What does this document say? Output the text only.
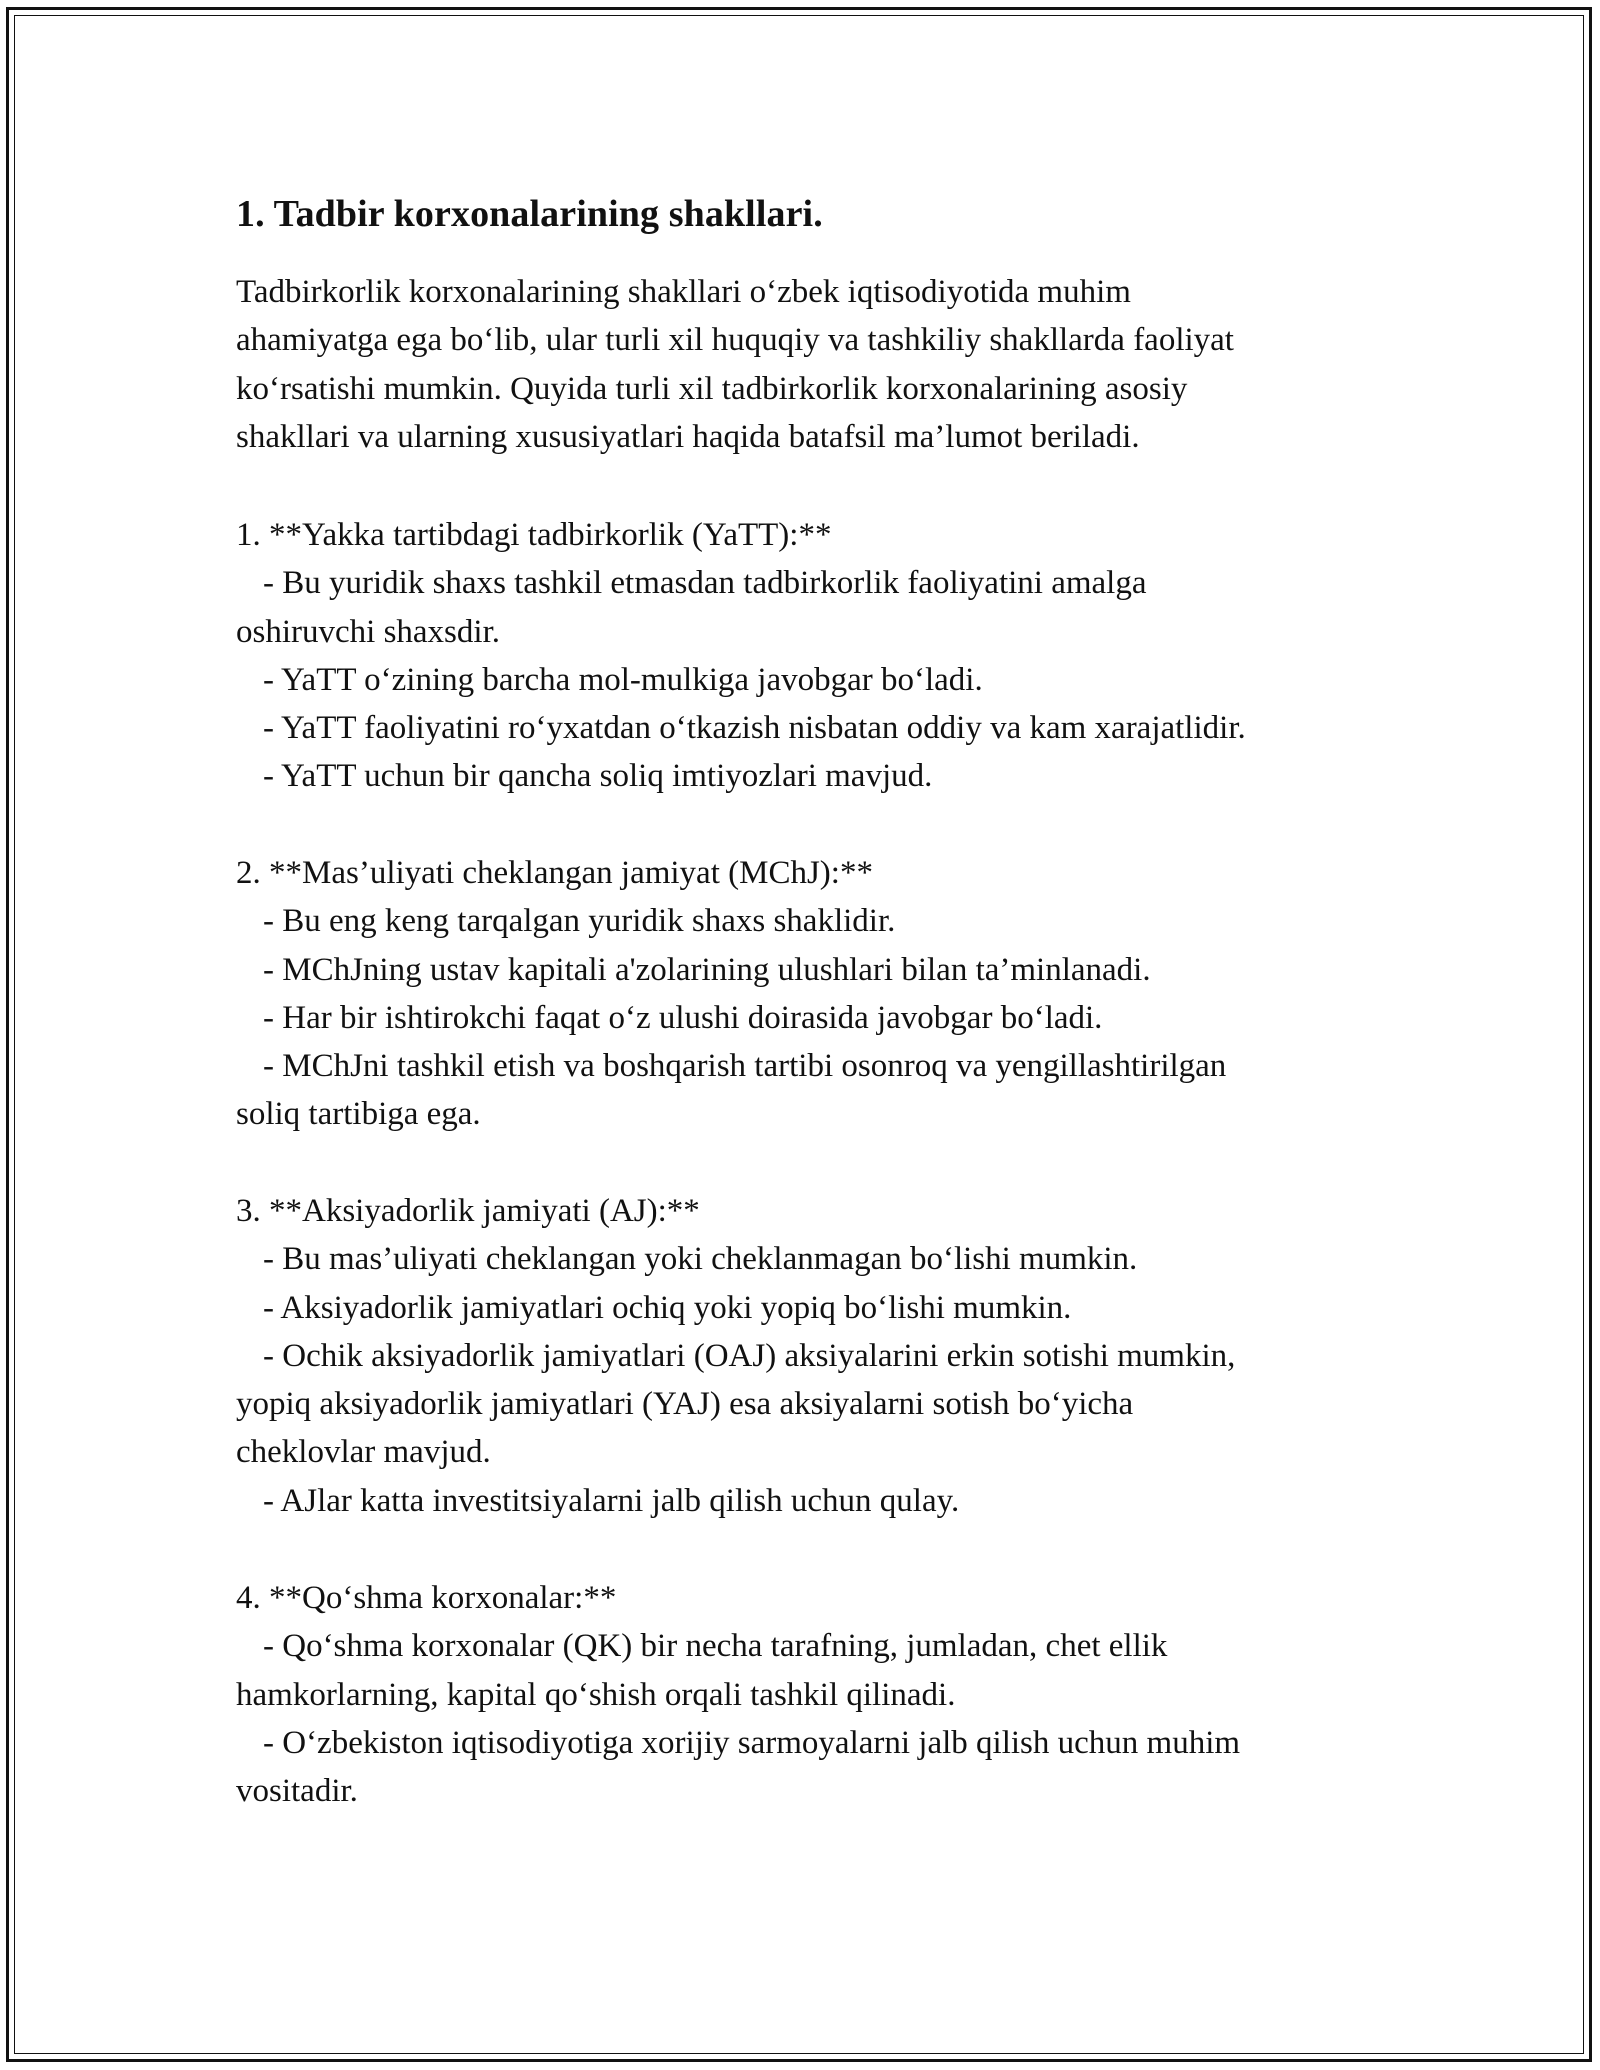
1. Tadbir korxonalarining shakllari.

Tadbirkorlik korxonalarining shakllari o‘zbek iqtisodiyotida muhim
ahamiyatga ega bo‘lib, ular turli xil huquqiy va tashkiliy shakllarda faoliyat
ko‘rsatishi mumkin. Quyida turli xil tadbirkorlik korxonalarining asosiy
shakllari va ularning xususiyatlari haqida batafsil ma’lumot beriladi.

1. **Yakka tartibdagi tadbirkorlik (YaTT):**
- Bu yuridik shaxs tashkil etmasdan tadbirkorlik faoliyatini amalga
oshiruvchi shaxsdir.
- YaTT o‘zining barcha mol-mulkiga javobgar bo‘ladi.
- YaTT faoliyatini ro‘yxatdan o‘tkazish nisbatan oddiy va kam xarajatlidir.
- YaTT uchun bir qancha soliq imtiyozlari mavjud.
2. **Mas’uliyati cheklangan jamiyat (MChJ):**
- Bu eng keng tarqalgan yuridik shaxs shaklidir.
- MChJning ustav kapitali a'zolarining ulushlari bilan ta’minlanadi.
- Har bir ishtirokchi faqat o‘z ulushi doirasida javobgar bo‘ladi.
- MChJni tashkil etish va boshqarish tartibi osonroq va yengillashtirilgan
soliq tartibiga ega.
3. **Aksiyadorlik jamiyati (AJ):**
- Bu mas’uliyati cheklangan yoki cheklanmagan bo‘lishi mumkin.
- Aksiyadorlik jamiyatlari ochiq yoki yopiq bo‘lishi mumkin.
- Ochik aksiyadorlik jamiyatlari (OAJ) aksiyalarini erkin sotishi mumkin,
yopiq aksiyadorlik jamiyatlari (YAJ) esa aksiyalarni sotish bo‘yicha
cheklovlar mavjud.
- AJlar katta investitsiyalarni jalb qilish uchun qulay.
4. **Qo‘shma korxonalar:**
- Qo‘shma korxonalar (QK) bir necha tarafning, jumladan, chet ellik
hamkorlarning, kapital qo‘shish orqali tashkil qilinadi.
- O‘zbekiston iqtisodiyotiga xorijiy sarmoyalarni jalb qilish uchun muhim
vositadir.
